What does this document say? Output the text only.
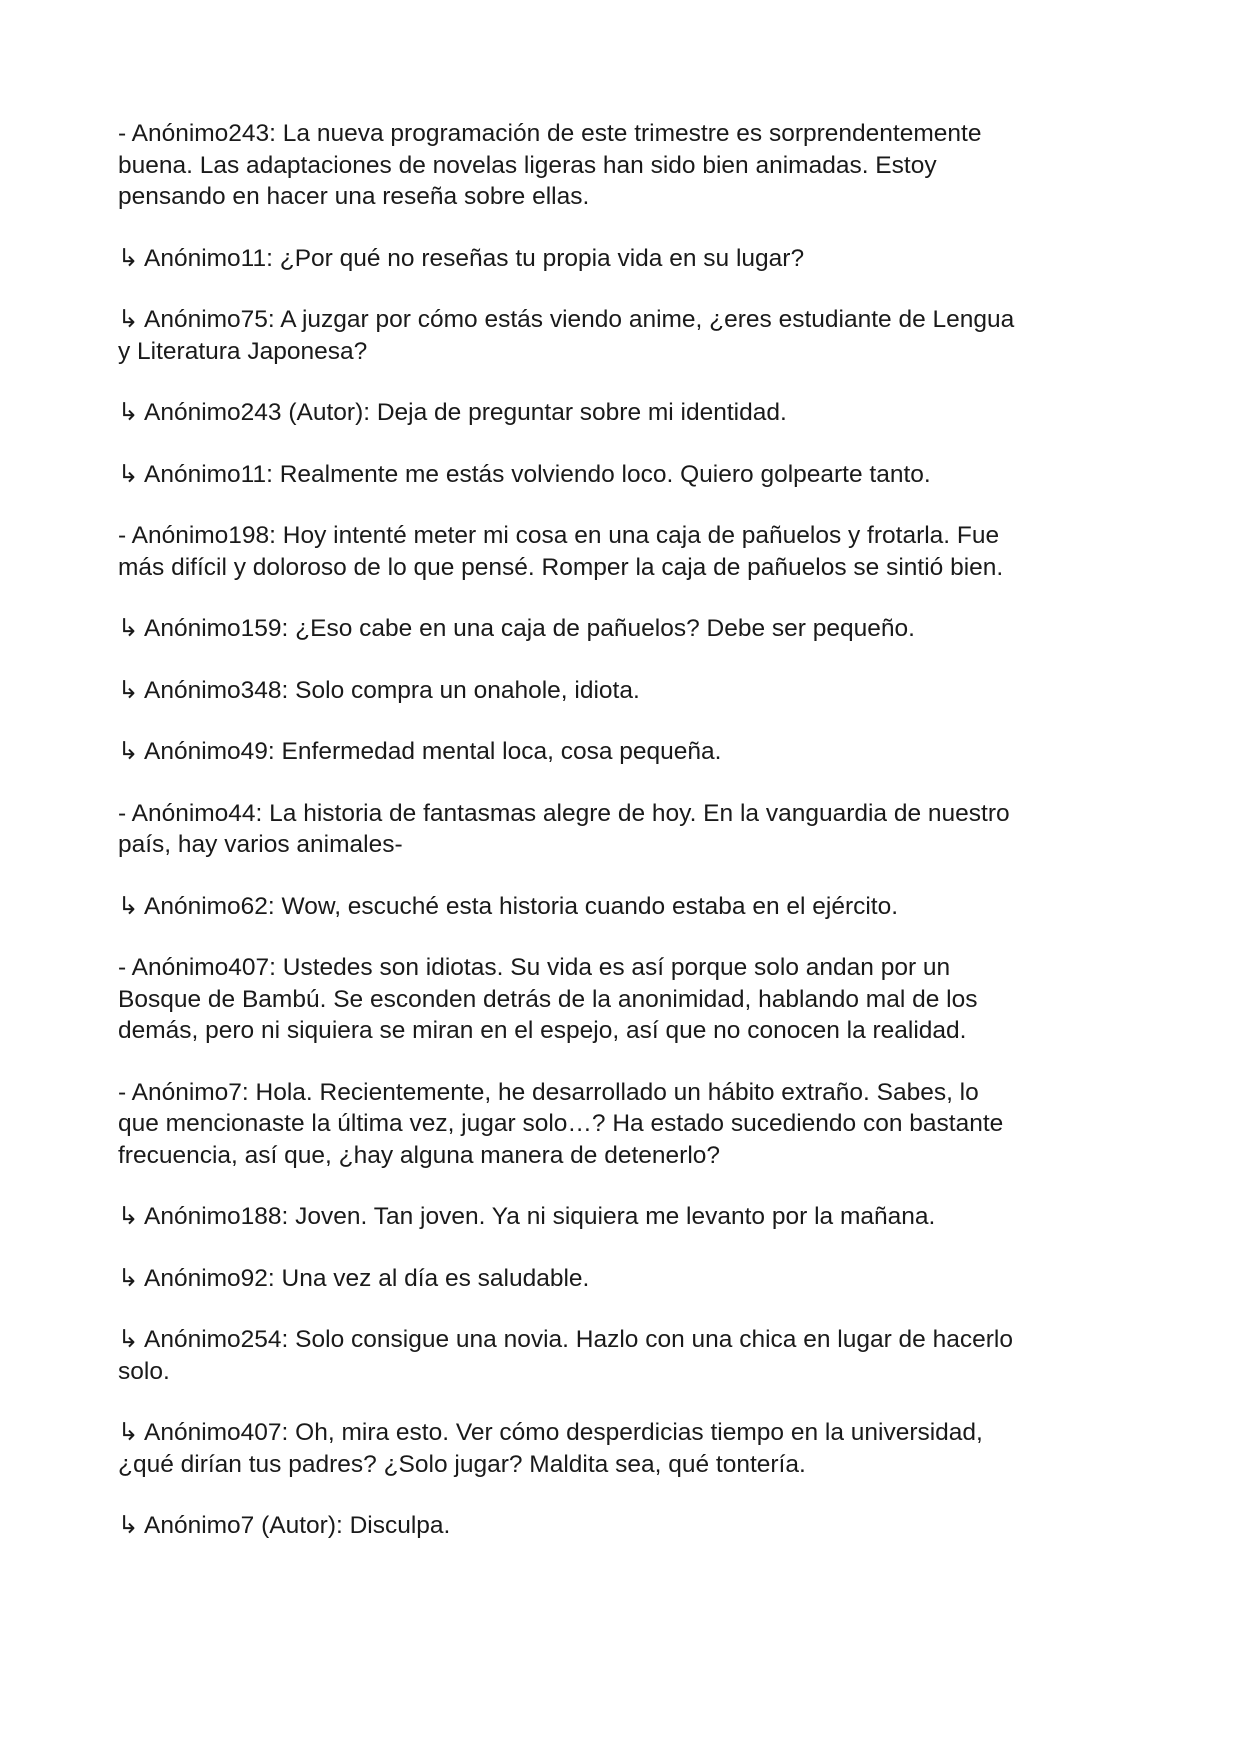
- Anónimo243: La nueva programación de este trimestre es sorprendentemente
buena. Las adaptaciones de novelas ligeras han sido bien animadas. Estoy
pensando en hacer una reseña sobre ellas.

↳ Anónimo11: ¿Por qué no reseñas tu propia vida en su lugar?

↳ Anónimo75: A juzgar por cómo estás viendo anime, ¿eres estudiante de Lengua
y Literatura Japonesa?

↳ Anónimo243 (Autor): Deja de preguntar sobre mi identidad.

↳ Anónimo11: Realmente me estás volviendo loco. Quiero golpearte tanto.

- Anónimo198: Hoy intenté meter mi cosa en una caja de pañuelos y frotarla. Fue
más difícil y doloroso de lo que pensé. Romper la caja de pañuelos se sintió bien.

↳ Anónimo159: ¿Eso cabe en una caja de pañuelos? Debe ser pequeño.

↳ Anónimo348: Solo compra un onahole, idiota.

↳ Anónimo49: Enfermedad mental loca, cosa pequeña.

- Anónimo44: La historia de fantasmas alegre de hoy. En la vanguardia de nuestro
país, hay varios animales-

↳ Anónimo62: Wow, escuché esta historia cuando estaba en el ejército.

- Anónimo407: Ustedes son idiotas. Su vida es así porque solo andan por un
Bosque de Bambú. Se esconden detrás de la anonimidad, hablando mal de los
demás, pero ni siquiera se miran en el espejo, así que no conocen la realidad.

- Anónimo7: Hola. Recientemente, he desarrollado un hábito extraño. Sabes, lo
que mencionaste la última vez, jugar solo…? Ha estado sucediendo con bastante
frecuencia, así que, ¿hay alguna manera de detenerlo?

↳ Anónimo188: Joven. Tan joven. Ya ni siquiera me levanto por la mañana.

↳ Anónimo92: Una vez al día es saludable.

↳ Anónimo254: Solo consigue una novia. Hazlo con una chica en lugar de hacerlo
solo.

↳ Anónimo407: Oh, mira esto. Ver cómo desperdicias tiempo en la universidad,
¿qué dirían tus padres? ¿Solo jugar? Maldita sea, qué tontería.

↳ Anónimo7 (Autor): Disculpa.
